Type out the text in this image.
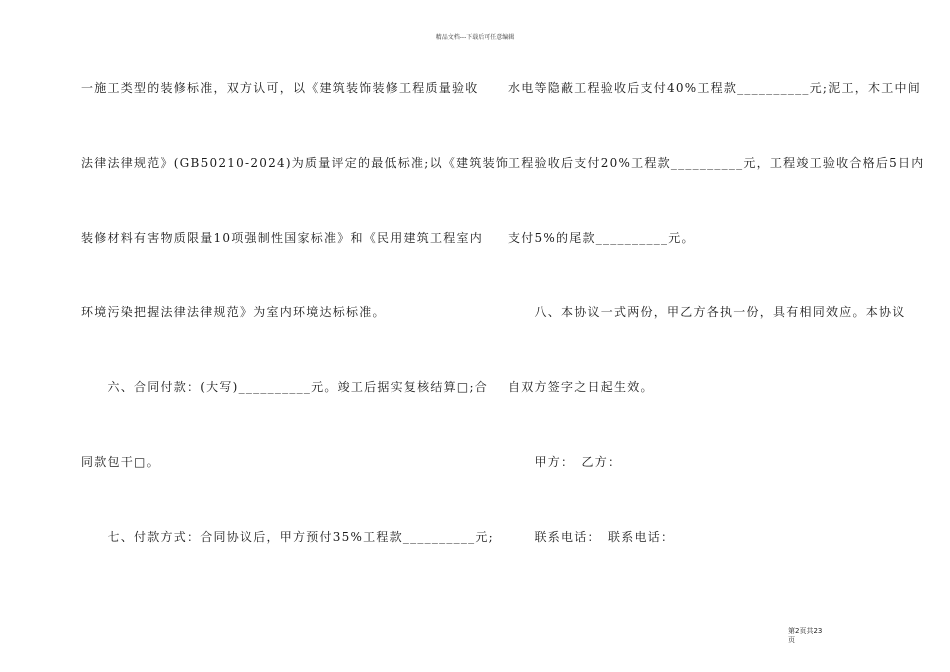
精品文档---下载后可任意编辑
一施工类型的装修标准，双方认可，以《建筑装饰装修工程质量验收
法律法律规范》(GB50210-2024)为质量评定的最低标准;以《建筑装饰
装修材料有害物质限量10项强制性国家标准》和《民用建筑工程室内
环境污染把握法律法律规范》为室内环境达标标准。
　　六、合同付款：(大写)__________元。竣工后据实复核结算□;合
同款包干□。
　　七、付款方式：合同协议后，甲方预付35%工程款__________元;
水电等隐蔽工程验收后支付40%工程款__________元;泥工，木工中间
工程验收后支付20%工程款__________元，工程竣工验收合格后5日内
支付5%的尾款__________元。
　　八、本协议一式两份，甲乙方各执一份，具有相同效应。本协议
自双方签字之日起生效。
　　甲方：　乙方：
　　联系电话：　联系电话：
第2页共23
页
